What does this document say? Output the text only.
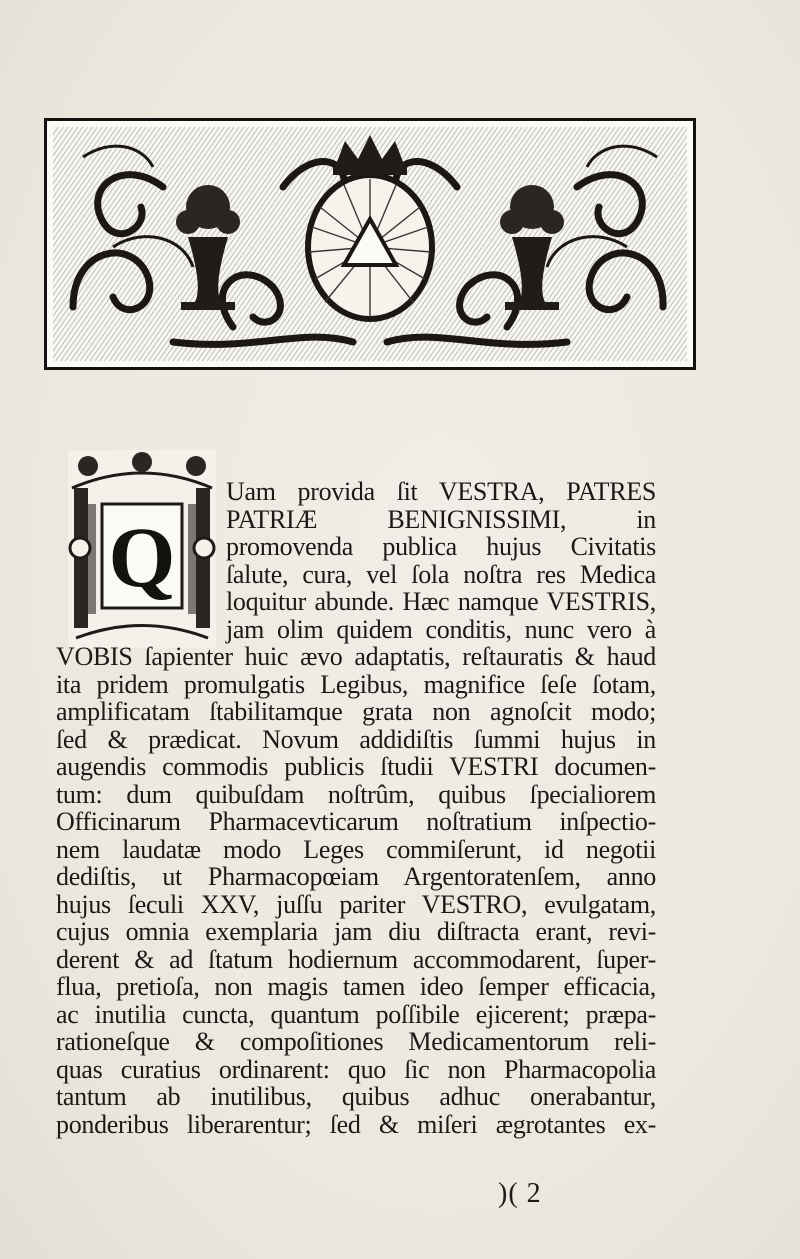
Q
Uam provida ſit VESTRA, PATRES
PATRIÆ BENIGNISSIMI, in
promovenda publica hujus Civitatis
ſalute, cura, vel ſola noſtra res Medica
loquitur abunde. Hæc namque VESTRIS,
jam olim quidem conditis, nunc vero à
VOBIS ſapienter huic ævo adaptatis, reſtauratis & haud
ita pridem promulgatis Legibus, magnifice ſeſe ſotam,
amplificatam ſtabilitamque grata non agnoſcit modo;
ſed & prædicat. Novum addidiſtis ſummi hujus in
augendis commodis publicis ſtudii VESTRI documen-
tum: dum quibuſdam noſtrûm, quibus ſpecialiorem
Officinarum Pharmacevticarum noſtratium inſpectio-
nem laudatæ modo Leges commiſerunt, id negotii
dediſtis, ut Pharmacopœiam Argentoratenſem, anno
hujus ſeculi XXV, juſſu pariter VESTRO, evulgatam,
cujus omnia exemplaria jam diu diſtracta erant, revi-
derent & ad ſtatum hodiernum accommodarent, ſuper-
flua, pretioſa, non magis tamen ideo ſemper efficacia,
ac inutilia cuncta, quantum poſſibile ejicerent; præpa-
rationeſque & compoſitiones Medicamentorum reli-
quas curatius ordinarent: quo ſic non Pharmacopolia
tantum ab inutilibus, quibus adhuc onerabantur,
ponderibus liberarentur; ſed & miſeri ægrotantes ex-
)( 2
